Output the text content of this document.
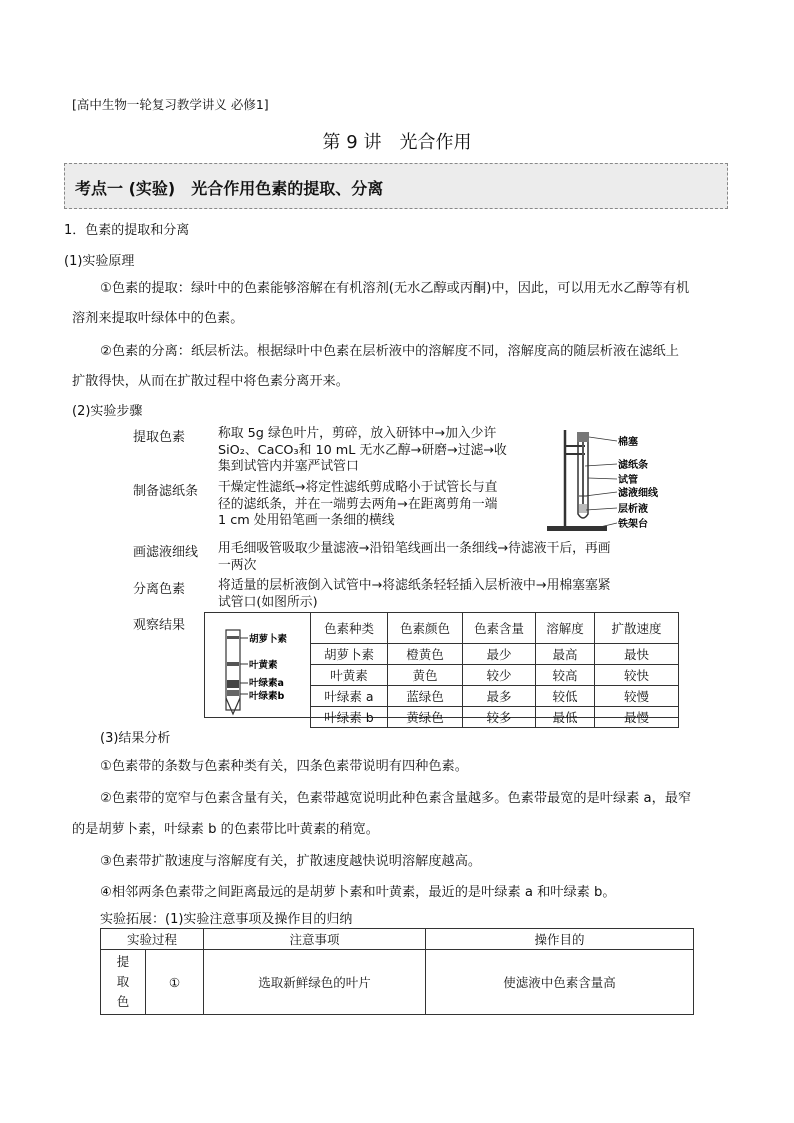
[高中生物一轮复习教学讲义 必修1]
第 9 讲　光合作用
考点一 (实验)　光合作用色素的提取、分离
1．色素的提取和分离
(1)实验原理
①色素的提取：绿叶中的色素能够溶解在有机溶剂(无水乙醇或丙酮)中，因此，可以用无水乙醇等有机
溶剂来提取叶绿体中的色素。
②色素的分离：纸层析法。根据绿叶中色素在层析液中的溶解度不同，溶解度高的随层析液在滤纸上
扩散得快，从而在扩散过程中将色素分离开来。
(2)实验步骤
提取色素	称取 5g 绿色叶片，剪碎，放入研钵中→加入少许
SiO₂、CaCO₃和 10 mL 无水乙醇→研磨→过滤→收
集到试管内并塞严试管口
制备滤纸条 干燥定性滤纸→将定性滤纸剪成略小于试管长与直
径的滤纸条，并在一端剪去两角→在距离剪角一端
1 cm 处用铅笔画一条细的横线
画滤液细线 用毛细吸管吸取少量滤液→沿铅笔线画出一条细线→待滤液干后，再画
一两次
分离色素	将适量的层析液倒入试管中→将滤纸条轻轻插入层析液中→用棉塞塞紧
试管口(如图所示)
观察结果
棉塞
滤纸条
试管
滤液细线
层析液
铁架台
胡萝卜素
叶黄素
叶绿素a
叶绿素b
色素种类	色素颜色	色素含量	溶解度	扩散速度
胡萝卜素	橙黄色	最少	最高	最快
叶黄素	黄色	较少	较高	较快
叶绿素 a	蓝绿色	最多	较低	较慢
叶绿素 b	黄绿色	较多	最低	最慢
(3)结果分析
①色素带的条数与色素种类有关，四条色素带说明有四种色素。
②色素带的宽窄与色素含量有关，色素带越宽说明此种色素含量越多。色素带最宽的是叶绿素 a，最窄
的是胡萝卜素，叶绿素 b 的色素带比叶黄素的稍宽。
③色素带扩散速度与溶解度有关，扩散速度越快说明溶解度越高。
④相邻两条色素带之间距离最远的是胡萝卜素和叶黄素，最近的是叶绿素 a 和叶绿素 b。
实验拓展：(1)实验注意事项及操作目的归纳
实验过程		注意事项	操作目的

提
取
色	①	选取新鲜绿色的叶片	使滤液中色素含量高
